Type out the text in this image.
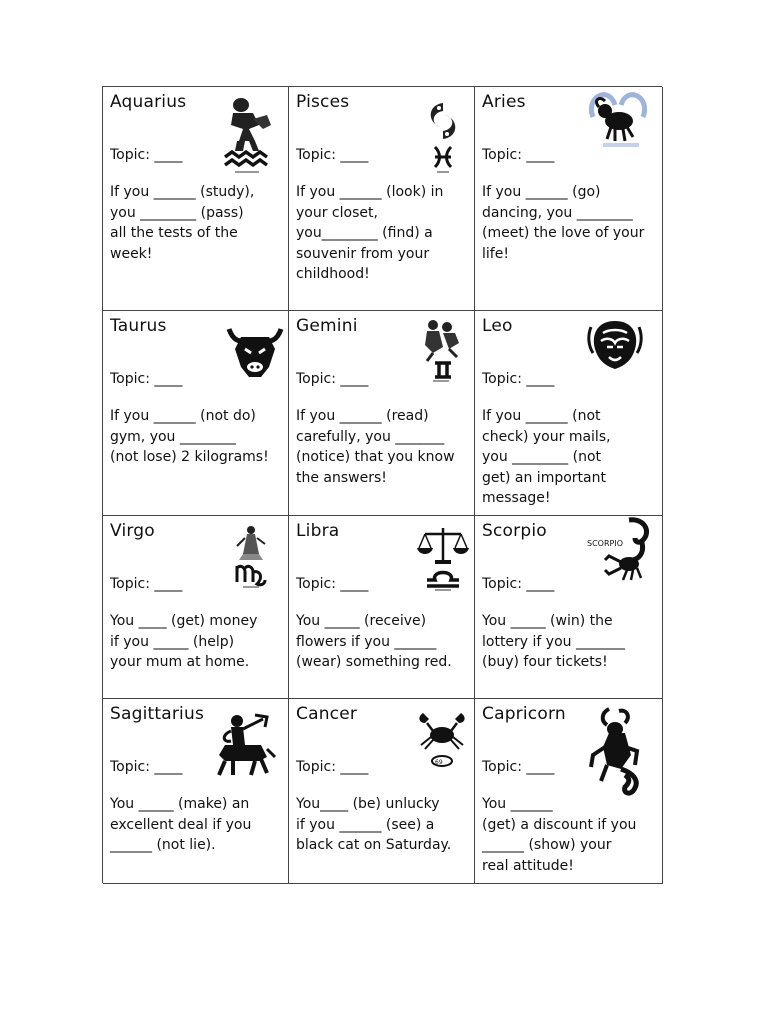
Aquarius
Topic: ____
If you ______ (study),
you ________ (pass)
all the tests of the
week!
Pisces
Topic: ____
If you ______ (look) in
your closet,
you________ (find) a
souvenir from your
childhood!
Aries
Topic: ____
If you ______ (go)
dancing, you ________
(meet) the love of your
life!
Taurus
Topic: ____
If you ______ (not do)
gym, you ________
(not lose) 2 kilograms!
Gemini
Topic: ____
If you ______ (read)
carefully, you _______
(notice) that you know
the answers!
Leo
Topic: ____
If you ______ (not
check) your mails,
you ________ (not
get) an important
message!
Virgo
Topic: ____
You ____ (get) money
if you _____ (help)
your mum at home.
Libra
Topic: ____
You _____ (receive)
flowers if you ______
(wear) something red.
Scorpio
Topic: ____
You _____ (win) the
lottery if you _______
(buy) four tickets!
SCORPIO
Sagittarius
Topic: ____
You _____ (make) an
excellent deal if you
______ (not lie).
Cancer
Topic: ____
You____ (be) unlucky
if you ______ (see) a
black cat on Saturday.
69
Capricorn
Topic: ____
You ______
(get) a discount if you
______ (show) your
real attitude!
